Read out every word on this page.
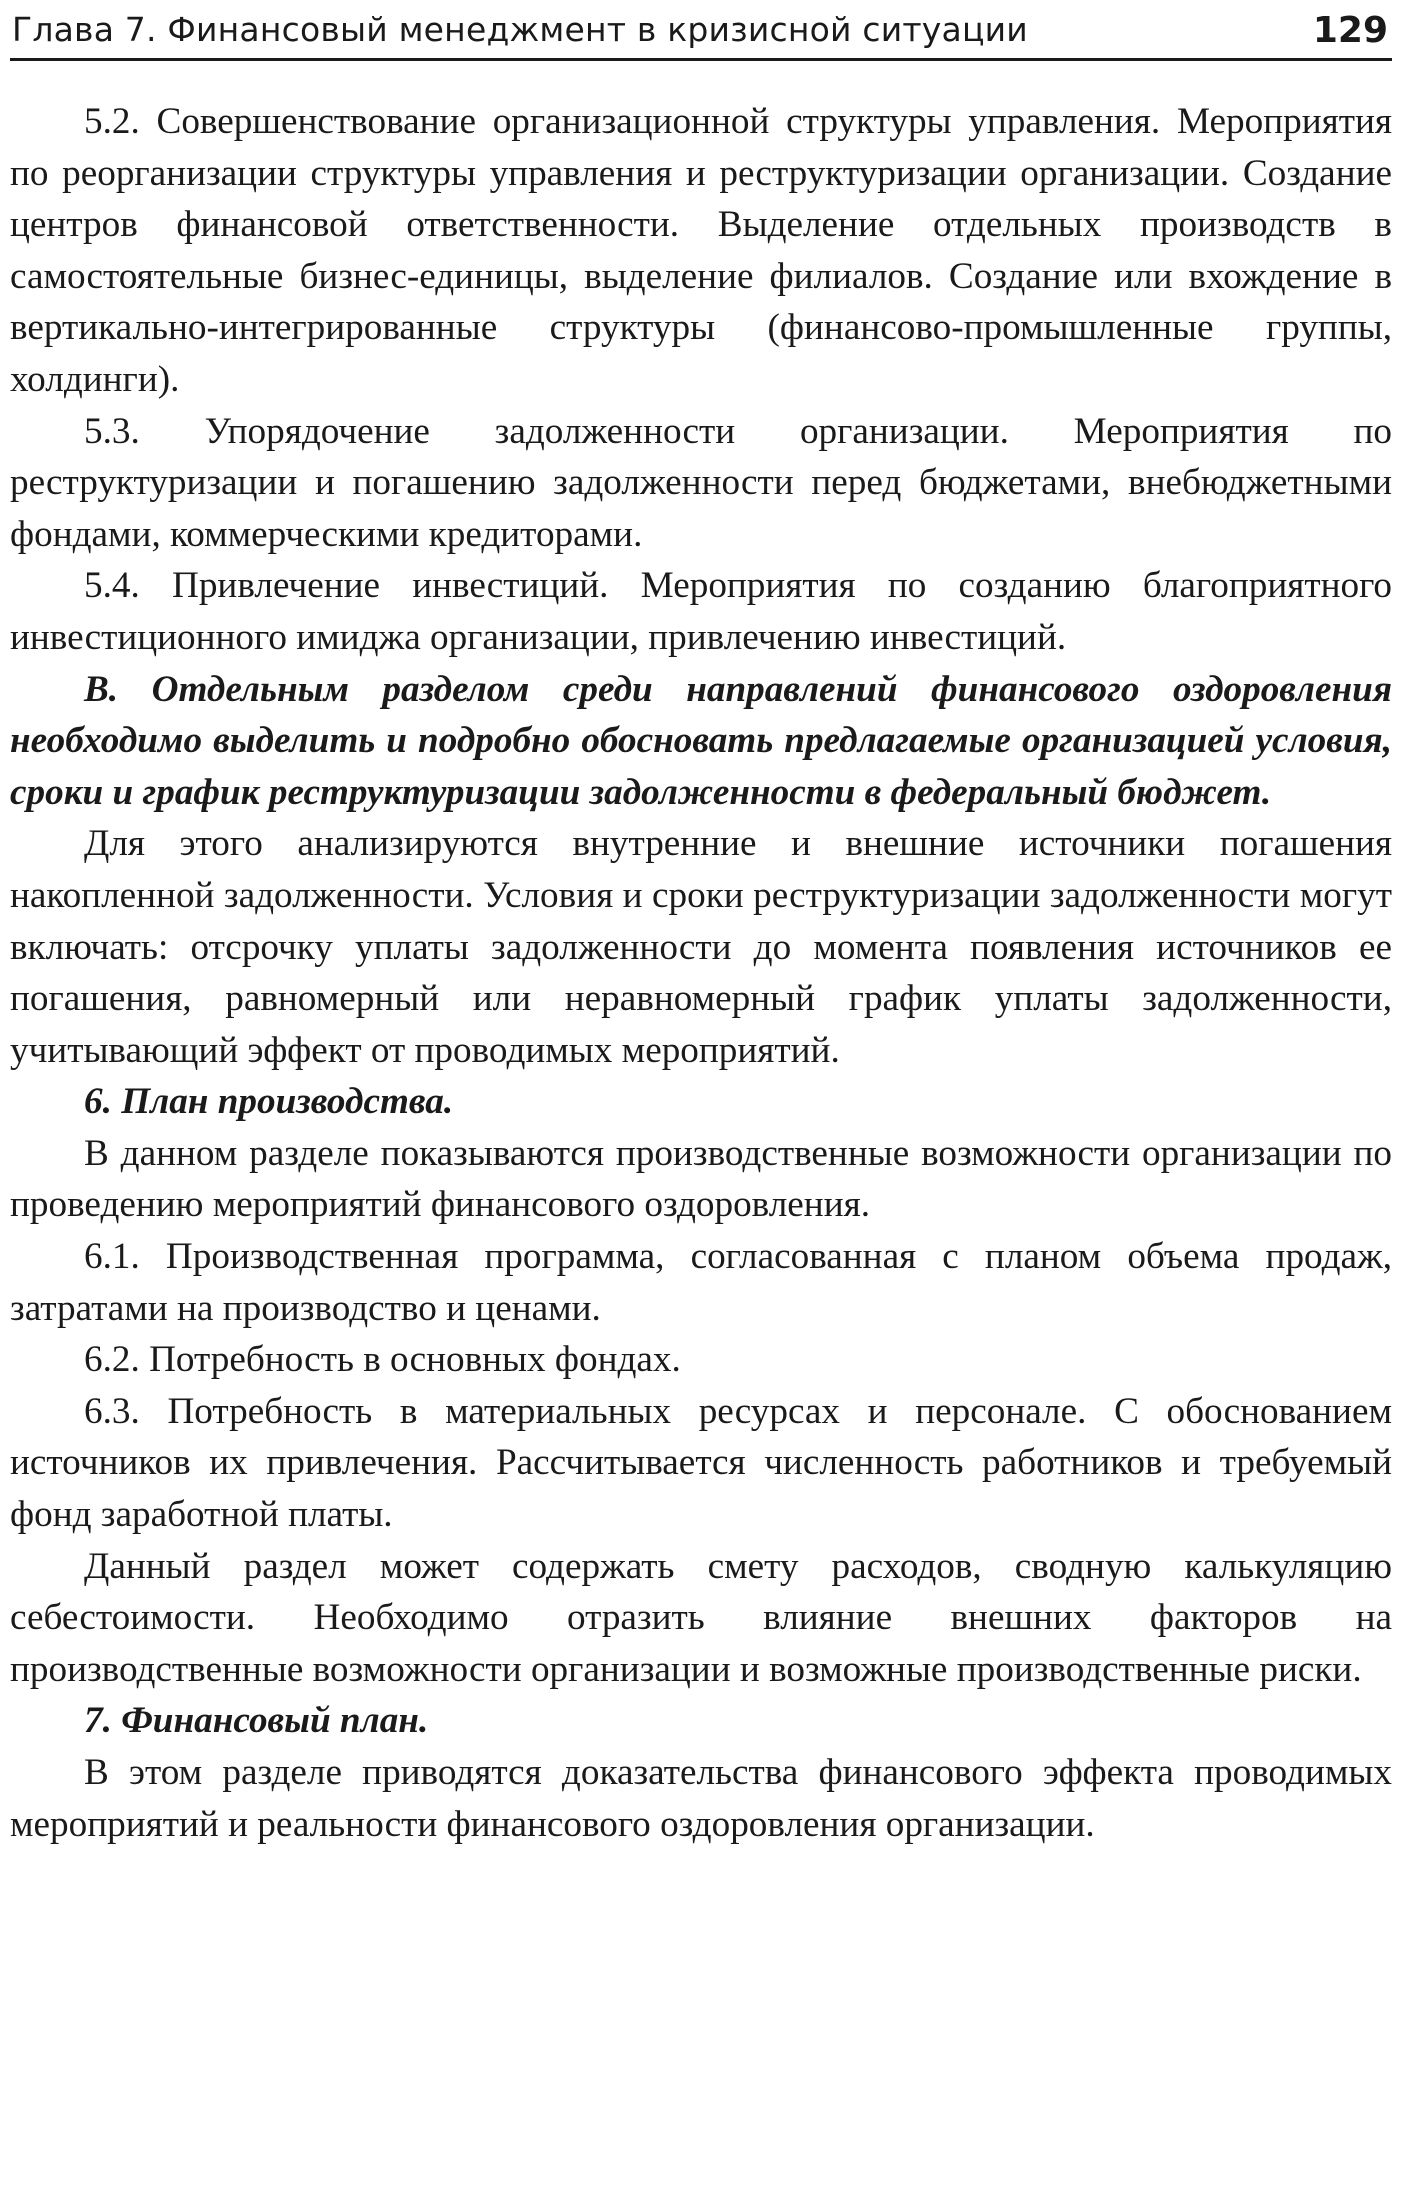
Глава 7. Финансовый менеджмент в кризисной ситуации	129

5.2. Совершенствование организационной структуры управления. Мероприятия по реорганизации структуры управления и реструктуризации организации. Создание центров финансовой ответственности. Выделение отдельных производств в самостоятельные бизнес-единицы, выделение филиалов. Создание или вхождение в вертикально-интегрированные структуры (финансово-промышленные группы, холдинги).

5.3. Упорядочение задолженности организации. Мероприятия по реструктуризации и погашению задолженности перед бюджетами, внебюджетными фондами, коммерческими кредиторами.

5.4. Привлечение инвестиций. Мероприятия по созданию благоприятного инвестиционного имиджа организации, привлечению инвестиций.

В. Отдельным разделом среди направлений финансового оздоровления необходимо выделить и подробно обосновать предлагаемые организацией условия, сроки и график реструктуризации задолженности в федеральный бюджет.

Для этого анализируются внутренние и внешние источники погашения накопленной задолженности. Условия и сроки реструктуризации задолженности могут включать: отсрочку уплаты задолженности до момента появления источников ее погашения, равномерный или неравномерный график уплаты задолженности, учитывающий эффект от проводимых мероприятий.

6. План производства.

В данном разделе показываются производственные возможности организации по проведению мероприятий финансового оздоровления.

6.1. Производственная программа, согласованная с планом объема продаж, затратами на производство и ценами.

6.2. Потребность в основных фондах.

6.3. Потребность в материальных ресурсах и персонале. С обоснованием источников их привлечения. Рассчитывается численность работников и требуемый фонд заработной платы.

Данный раздел может содержать смету расходов, сводную калькуляцию себестоимости. Необходимо отразить влияние внешних факторов на производственные возможности организации и возможные производственные риски.

7. Финансовый план.

В этом разделе приводятся доказательства финансового эффекта проводимых мероприятий и реальности финансового оздоровления организации.
